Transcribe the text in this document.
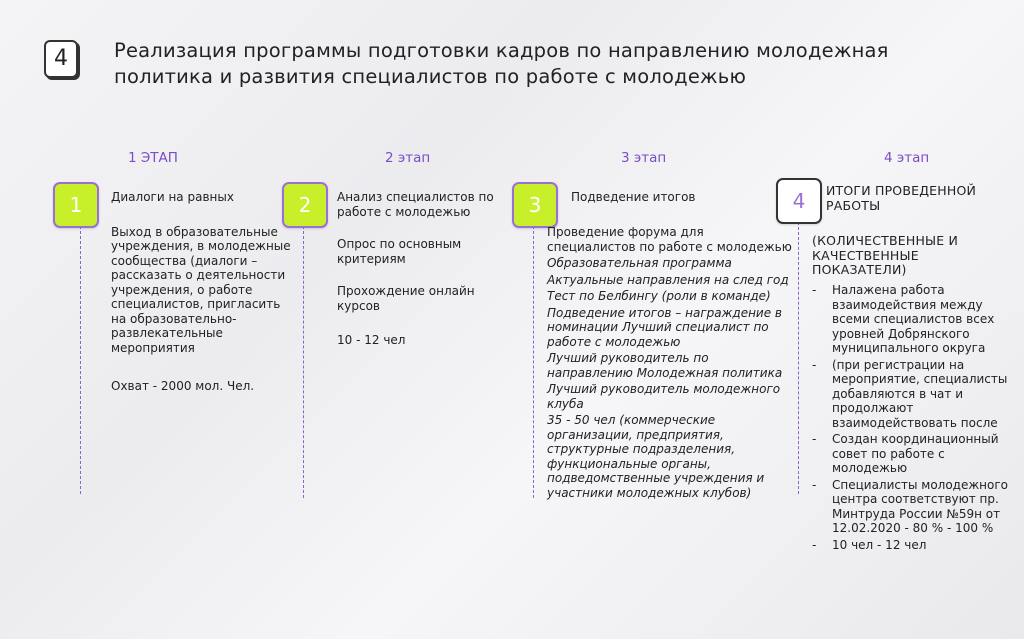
4	Реализация программы подготовки кадров по направлению молодежная политика и развития специалистов по работе с молодежью
1 ЭТАП	2 этап	3 этап	4 этап
1	2	3	4

Диалоги на равных

Выход в образовательные учреждения, в молодежные сообщества (диалоги – рассказать о деятельности учреждения, о работе специалистов, пригласить на образовательно-развлекательные мероприятия

Охват - 2000 мол. Чел.

Анализ специалистов по работе с молодежью

Опрос по основным критериям

Прохождение онлайн курсов

10 - 12 чел

Подведение итогов

Проведение форума для специалистов по работе с молодежью

Образовательная программа

Актуальные направления на след год

Тест по Белбингу (роли в команде)

Подведение итогов – награждение в номинации Лучший специалист по работе с молодежью

Лучший руководитель по направлению Молодежная политика

Лучший руководитель молодежного клуба

35 - 50 чел (коммерческие организации, предприятия, структурные подразделения, функциональные органы, подведомственные учреждения и участники молодежных клубов)

ИТОГИ ПРОВЕДЕННОЙ РАБОТЫ
(КОЛИЧЕСТВЕННЫЕ И КАЧЕСТВЕННЫЕ ПОКАЗАТЕЛИ)
- Налажена работа взаимодействия между всеми специалистов всех уровней Добрянского муниципального округа
- (при регистрации на мероприятие, специалисты добавляются в чат и продолжают взаимодействовать после
- Создан координационный совет по работе с молодежью
- Специалисты молодежного центра соответствуют пр. Минтруда России №59н от 12.02.2020 - 80 % - 100 %
- 10 чел - 12 чел
